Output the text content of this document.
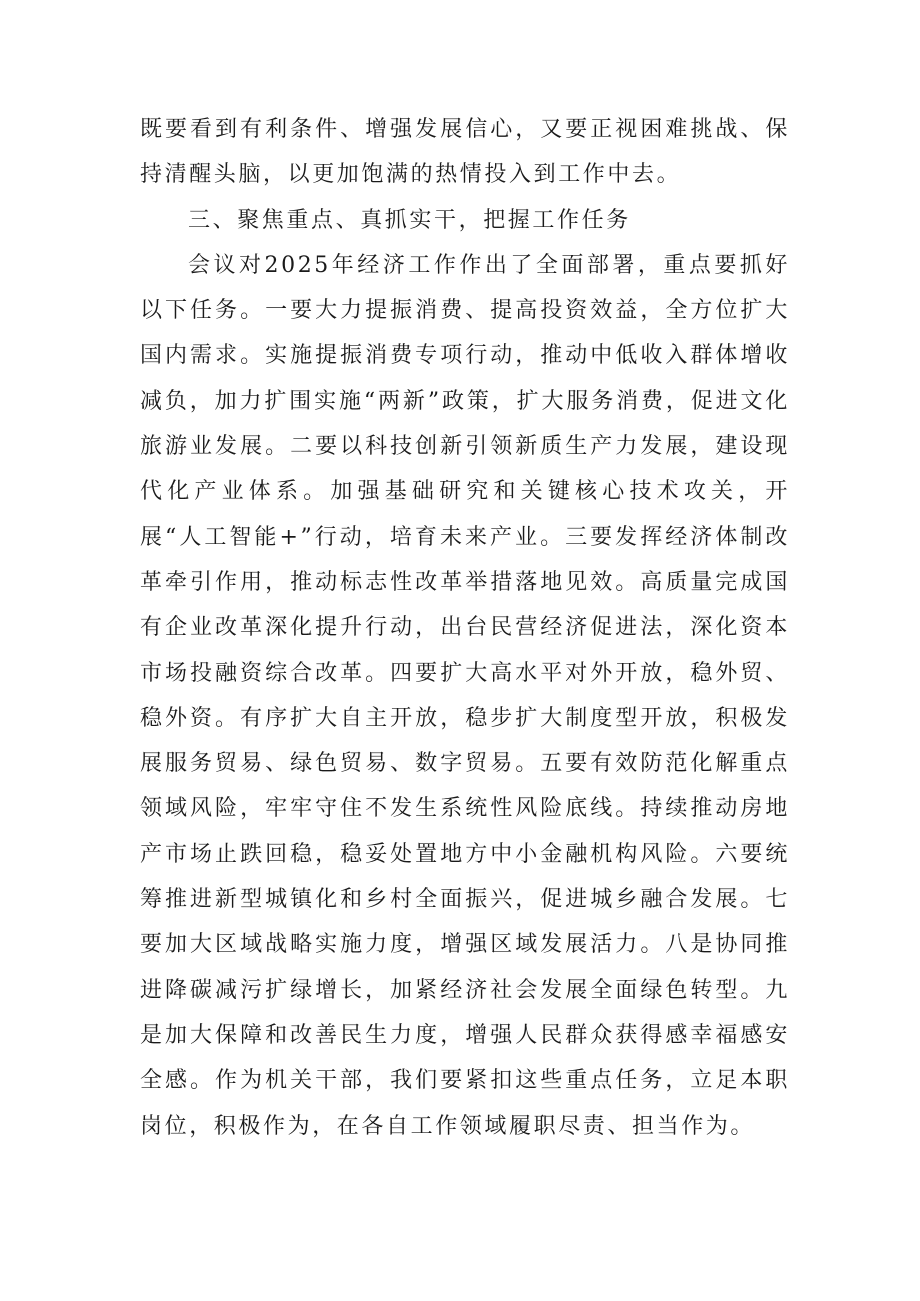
既要看到有利条件、增强发展信心，又要正视困难挑战、保持清醒头脑，以更加饱满的热情投入到工作中去。

三、聚焦重点、真抓实干，把握工作任务

会议对2025年经济工作作出了全面部署，重点要抓好以下任务。一要大力提振消费、提高投资效益，全方位扩大国内需求。实施提振消费专项行动，推动中低收入群体增收减负，加力扩围实施“两新”政策，扩大服务消费，促进文化旅游业发展。二要以科技创新引领新质生产力发展，建设现代化产业体系。加强基础研究和关键核心技术攻关，开展“人工智能+”行动，培育未来产业。三要发挥经济体制改革牵引作用，推动标志性改革举措落地见效。高质量完成国有企业改革深化提升行动，出台民营经济促进法，深化资本市场投融资综合改革。四要扩大高水平对外开放，稳外贸、稳外资。有序扩大自主开放，稳步扩大制度型开放，积极发展服务贸易、绿色贸易、数字贸易。五要有效防范化解重点领域风险，牢牢守住不发生系统性风险底线。持续推动房地产市场止跌回稳，稳妥处置地方中小金融机构风险。六要统筹推进新型城镇化和乡村全面振兴，促进城乡融合发展。七要加大区域战略实施力度，增强区域发展活力。八是协同推进降碳减污扩绿增长，加紧经济社会发展全面绿色转型。九是加大保障和改善民生力度，增强人民群众获得感幸福感安全感。作为机关干部，我们要紧扣这些重点任务，立足本职岗位，积极作为，在各自工作领域履职尽责、担当作为。
